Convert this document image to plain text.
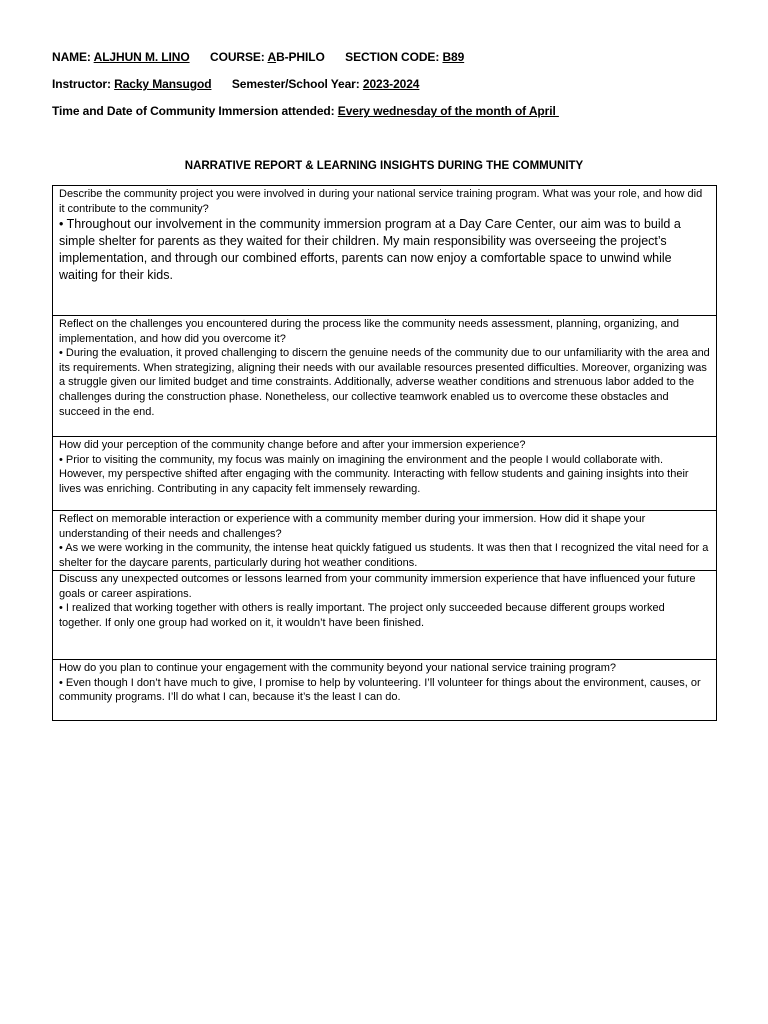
NAME: ALJHUN M. LINO COURSE: AB-PHILO SECTION CODE: B89
Instructor: Racky Mansugod Semester/School Year: 2023-2024
Time and Date of Community Immersion attended: Every wednesday of the month of April
NARRATIVE REPORT & LEARNING INSIGHTS DURING THE COMMUNITY

Describe the community project you were involved in during your national service training program. What was your role, and how did it contribute to the community?

• Throughout our involvement in the community immersion program at a Day Care Center, our aim was to build a simple shelter for parents as they waited for their children. My main responsibility was overseeing the project’s implementation, and through our combined efforts, parents can now enjoy a comfortable space to unwind while waiting for their kids.

Reflect on the challenges you encountered during the process like the community needs assessment, planning, organizing, and implementation, and how did you overcome it?

• During the evaluation, it proved challenging to discern the genuine needs of the community due to our unfamiliarity with the area and its requirements. When strategizing, aligning their needs with our available resources presented difficulties. Moreover, organizing was a struggle given our limited budget and time constraints. Additionally, adverse weather conditions and strenuous labor added to the challenges during the construction phase. Nonetheless, our collective teamwork enabled us to overcome these obstacles and succeed in the end.

How did your perception of the community change before and after your immersion experience?

• Prior to visiting the community, my focus was mainly on imagining the environment and the people I would collaborate with. However, my perspective shifted after engaging with the community. Interacting with fellow students and gaining insights into their lives was enriching. Contributing in any capacity felt immensely rewarding.

Reflect on memorable interaction or experience with a community member during your immersion. How did it shape your understanding of their needs and challenges?

• As we were working in the community, the intense heat quickly fatigued us students. It was then that I recognized the vital need for a shelter for the daycare parents, particularly during hot weather conditions.

Discuss any unexpected outcomes or lessons learned from your community immersion experience that have influenced your future goals or career aspirations.

• I realized that working together with others is really important. The project only succeeded because different groups worked together. If only one group had worked on it, it wouldn’t have been finished.

How do you plan to continue your engagement with the community beyond your national service training program?

• Even though I don’t have much to give, I promise to help by volunteering. I’ll volunteer for things about the environment, causes, or community programs. I’ll do what I can, because it’s the least I can do.
